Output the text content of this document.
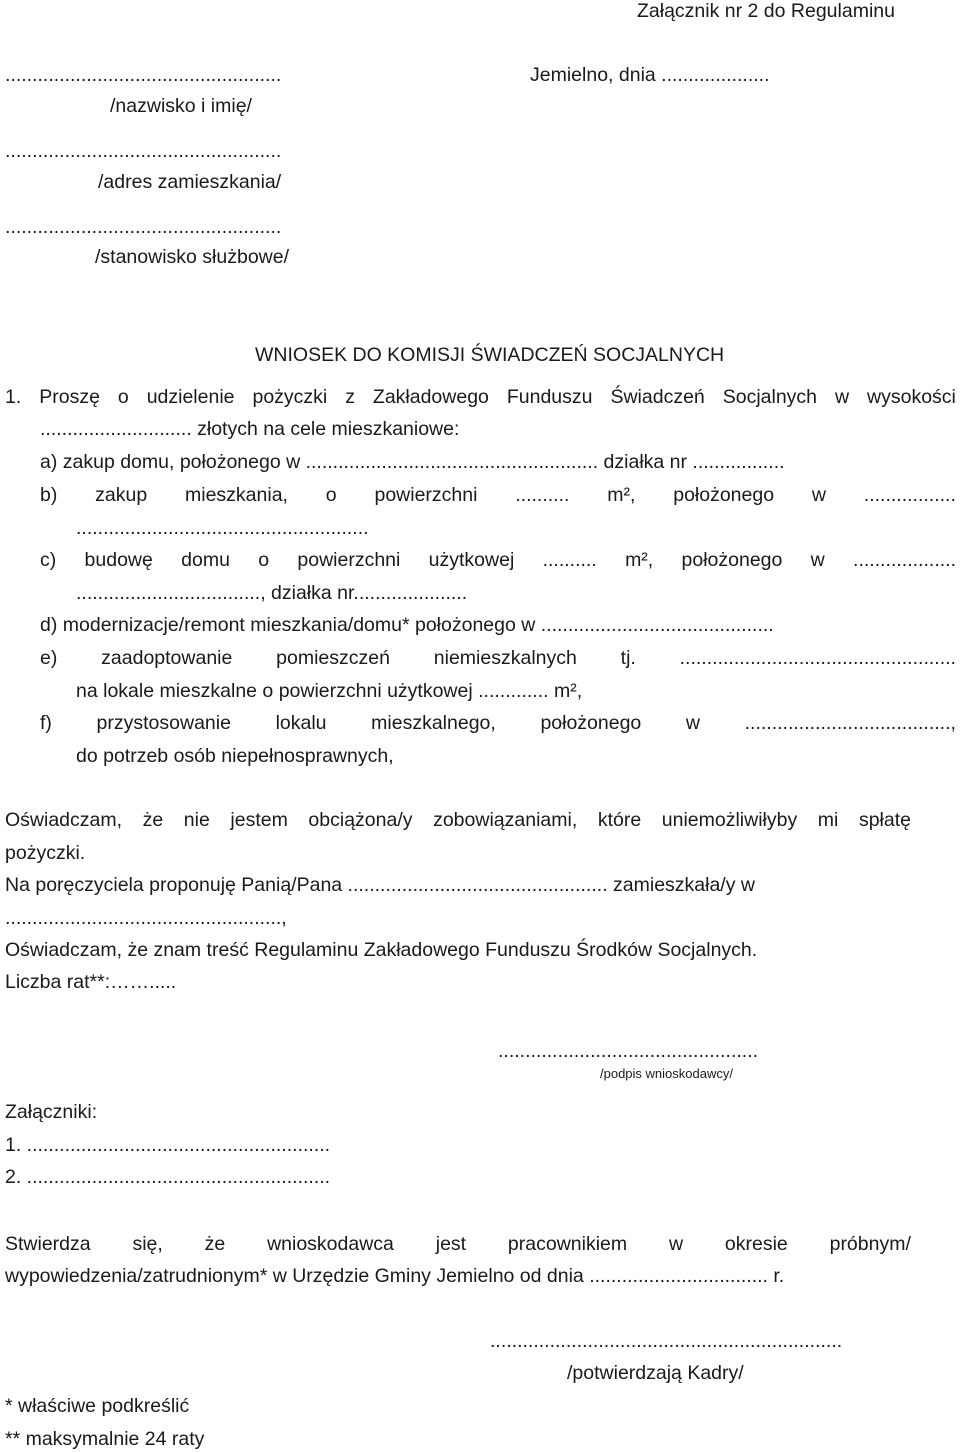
Załącznik nr 2 do Regulaminu
...................................................
/nazwisko i imię/
Jemielno, dnia ....................
...................................................
/adres zamieszkania/
...................................................
/stanowisko służbowe/
WNIOSEK DO KOMISJI ŚWIADCZEŃ SOCJALNYCH
1. Proszę o udzielenie pożyczki z Zakładowego Funduszu Świadczeń Socjalnych w wysokości
............................ złotych na cele mieszkaniowe:
a) zakup domu, położonego w ...................................................... działka nr .................
b) zakup mieszkania, o powierzchni .......... m², położonego w .................
......................................................
c) budowę domu o powierzchni użytkowej .......... m², położonego w ...................
.................................., działka nr.....................
d) modernizacje/remont mieszkania/domu* położonego w ...........................................
e) zaadoptowanie pomieszczeń niemieszkalnych tj. ...................................................
na lokale mieszkalne o powierzchni użytkowej ............. m²,
f) przystosowanie lokalu mieszkalnego, położonego w ......................................,
do potrzeb osób niepełnosprawnych,
Oświadczam, że nie jestem obciążona/y zobowiązaniami, które uniemożliwiłyby mi spłatę
pożyczki.
Na poręczyciela proponuję Panią/Pana ................................................ zamieszkała/y w
...................................................,
Oświadczam, że znam treść Regulaminu Zakładowego Funduszu Środków Socjalnych.
Liczba rat**:…….....
................................................
/podpis wnioskodawcy/
Załączniki:
1. ........................................................
2. ........................................................
Stwierdza się, że wnioskodawca jest pracownikiem w okresie próbnym/
wypowiedzenia/zatrudnionym* w Urzędzie Gminy Jemielno od dnia ................................. r.
.................................................................
/potwierdzają Kadry/
* właściwe podkreślić
** maksymalnie 24 raty
